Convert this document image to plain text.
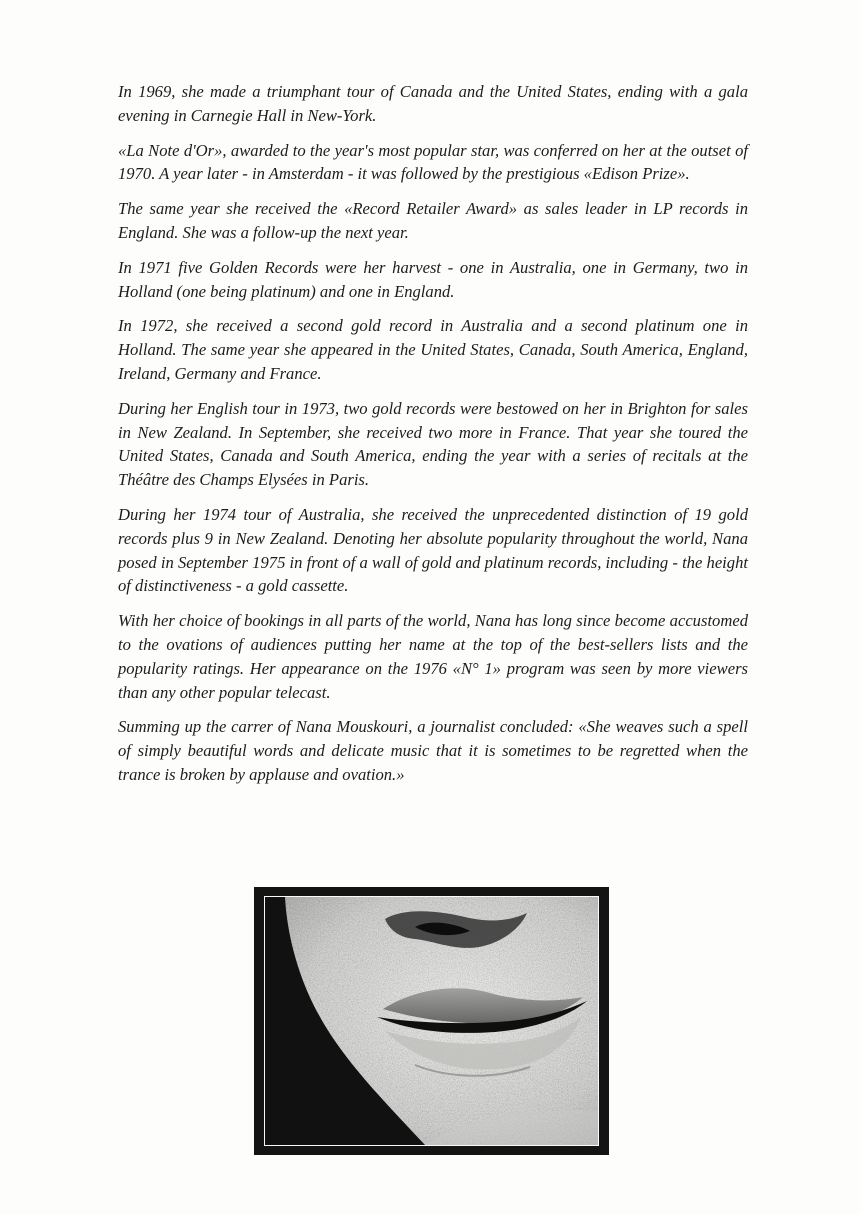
In 1969, she made a triumphant tour of Canada and the United States, ending with a gala evening in Carnegie Hall in New-York.

«La Note d'Or», awarded to the year's most popular star, was conferred on her at the outset of 1970. A year later - in Amsterdam - it was followed by the prestigious «Edison Prize».

The same year she received the «Record Retailer Award» as sales leader in LP records in England. She was a follow-up the next year.

In 1971 five Golden Records were her harvest - one in Australia, one in Germany, two in Holland (one being platinum) and one in England.

In 1972, she received a second gold record in Australia and a second platinum one in Holland. The same year she appeared in the United States, Canada, South America, England, Ireland, Germany and France.

During her English tour in 1973, two gold records were bestowed on her in Brighton for sales in New Zealand. In September, she received two more in France. That year she toured the United States, Canada and South America, ending the year with a series of recitals at the Théâtre des Champs Elysées in Paris.

During her 1974 tour of Australia, she received the unprecedented distinction of 19 gold records plus 9 in New Zealand. Denoting her absolute popularity throughout the world, Nana posed in September 1975 in front of a wall of gold and platinum records, including - the height of distinctiveness - a gold cassette.

With her choice of bookings in all parts of the world, Nana has long since become accustomed to the ovations of audiences putting her name at the top of the best-sellers lists and the popularity ratings. Her appearance on the 1976 «N° 1» program was seen by more viewers than any other popular telecast.

Summing up the carrer of Nana Mouskouri, a journalist concluded: «She weaves such a spell of simply beautiful words and delicate music that it is sometimes to be regretted when the trance is broken by applause and ovation.»
